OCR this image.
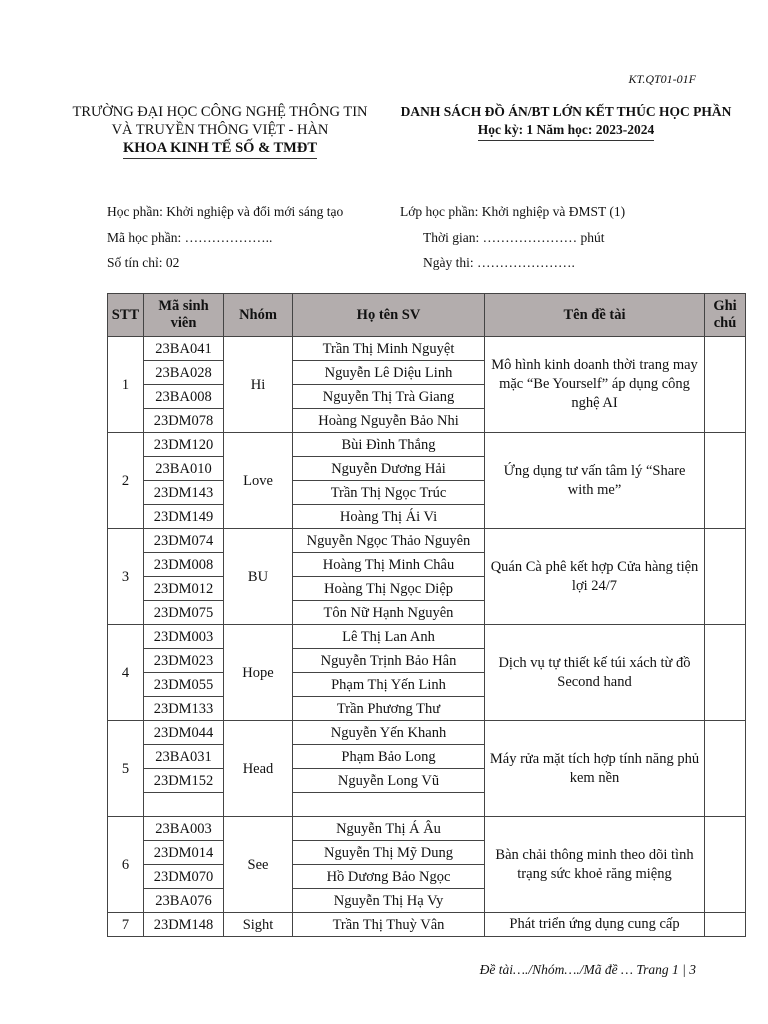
KT.QT01-01F
TRƯỜNG ĐẠI HỌC CÔNG NGHỆ THÔNG TIN
VÀ TRUYỀN THÔNG VIỆT - HÀN
KHOA KINH TẾ SỐ & TMĐT
DANH SÁCH ĐỒ ÁN/BT LỚN KẾT THÚC HỌC PHẦN
Học kỳ: 1 Năm học: 2023-2024
Học phần: Khởi nghiệp và đổi mới sáng tạo
Mã học phần: ………………..
Số tín chỉ: 02
Lớp học phần: Khởi nghiệp và ĐMST (1)
Thời gian: ………………… phút
Ngày thi: ………………….
STT	Mã sinh viên	Nhóm	Họ tên SV	Tên đề tài	Ghi chú
1	23BA041	Hi	Trần Thị Minh Nguyệt	Mô hình kinh doanh thời trang may mặc “Be Yourself” áp dụng công nghệ AI	
	23BA028		Nguyễn Lê Diệu Linh		
	23BA008		Nguyễn Thị Trà Giang		
	23DM078		Hoàng Nguyễn Bảo Nhi		
2	23DM120	Love	Bùi Đình Thắng	Ứng dụng tư vấn tâm lý “Share with me”	
	23BA010		Nguyễn Dương Hải		
	23DM143		Trần Thị Ngọc Trúc		
	23DM149		Hoàng Thị Ái Vi		
3	23DM074	BU	Nguyễn Ngọc Thảo Nguyên	Quán Cà phê kết hợp Cửa hàng tiện lợi 24/7	
	23DM008		Hoàng Thị Minh Châu		
	23DM012		Hoàng Thị Ngọc Diệp		
	23DM075		Tôn Nữ Hạnh Nguyên		
4	23DM003	Hope	Lê Thị Lan Anh	Dịch vụ tự thiết kế túi xách từ đồ Second hand	
	23DM023		Nguyễn Trịnh Bảo Hân		
	23DM055		Phạm Thị Yến Linh		
	23DM133		Trần Phương Thư		
5	23DM044	Head	Nguyễn Yến Khanh	Máy rửa mặt tích hợp tính năng phủ kem nền	
	23BA031		Phạm Bảo Long		
	23DM152		Nguyễn Long Vũ		

6	23BA003	See	Nguyễn Thị Á Âu	Bàn chải thông minh theo dõi tình trạng sức khoẻ răng miệng	
	23DM014		Nguyễn Thị Mỹ Dung		
	23DM070		Hồ Dương Bảo Ngọc		
	23BA076		Nguyễn Thị Hạ Vy		
7	23DM148	Sight	Trần Thị Thuỳ Vân	Phát triển ứng dụng cung cấp	
Đề tài…./Nhóm…./Mã đề … Trang 1 | 3
